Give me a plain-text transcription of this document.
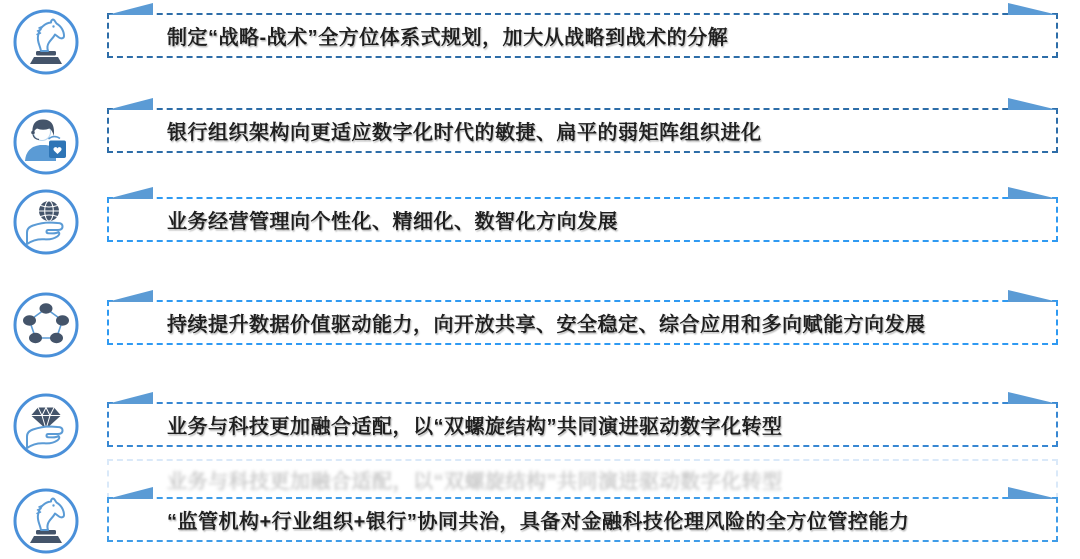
制定“战略-战术”全方位体系式规划，加大从战略到战术的分解
银行组织架构向更适应数字化时代的敏捷、扁平的弱矩阵组织进化
业务经营管理向个性化、精细化、数智化方向发展
持续提升数据价值驱动能力，向开放共享、安全稳定、综合应用和多向赋能方向发展
业务与科技更加融合适配，以“双螺旋结构”共同演进驱动数字化转型
业务与科技更加融合适配，以“双螺旋结构”共同演进驱动数字化转型
“监管机构+行业组织+银行”协同共治，具备对金融科技伦理风险的全方位管控能力
